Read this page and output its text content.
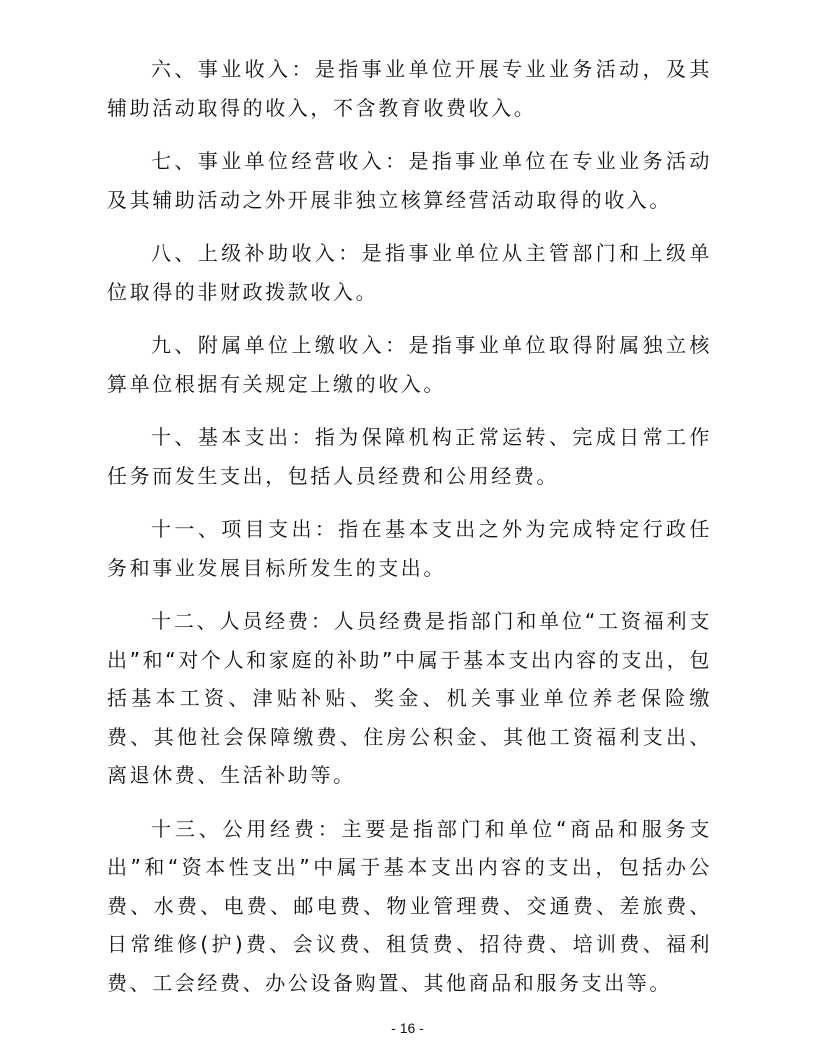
六、事业收入：是指事业单位开展专业业务活动，及其辅助活动取得的收入，不含教育收费收入。

七、事业单位经营收入：是指事业单位在专业业务活动及其辅助活动之外开展非独立核算经营活动取得的收入。

八、上级补助收入：是指事业单位从主管部门和上级单位取得的非财政拨款收入。

九、附属单位上缴收入：是指事业单位取得附属独立核算单位根据有关规定上缴的收入。

十、基本支出：指为保障机构正常运转、完成日常工作任务而发生支出，包括人员经费和公用经费。

十一、项目支出：指在基本支出之外为完成特定行政任务和事业发展目标所发生的支出。

十二、人员经费：人员经费是指部门和单位“工资福利支出”和“对个人和家庭的补助”中属于基本支出内容的支出，包括基本工资、津贴补贴、奖金、机关事业单位养老保险缴费、其他社会保障缴费、住房公积金、其他工资福利支出、离退休费、生活补助等。

十三、公用经费：主要是指部门和单位“商品和服务支出”和“资本性支出”中属于基本支出内容的支出，包括办公费、水费、电费、邮电费、物业管理费、交通费、差旅费、日常维修(护)费、会议费、租赁费、招待费、培训费、福利费、工会经费、办公设备购置、其他商品和服务支出等。

- 16 -
